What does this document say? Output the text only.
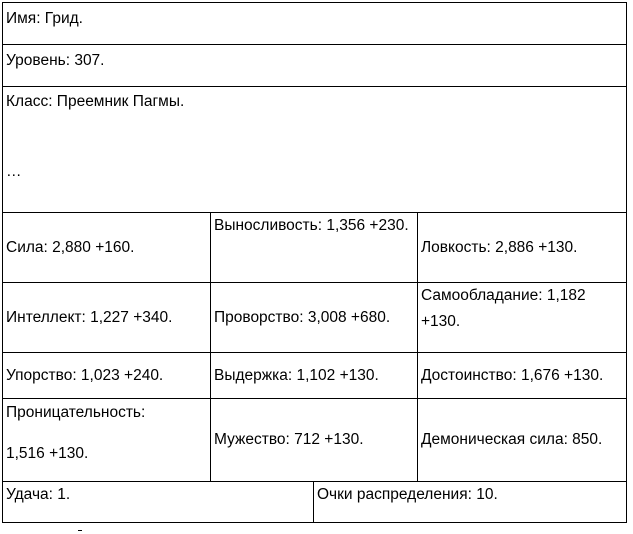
Имя: Грид.			

Уровень: 307.			

Класс: Преемник Пагмы.
…			

Сила: 2,880 +160.	Выносливость: 1,356 +230.		Ловкость: 2,886 +130.
Интеллект: 1,227 +340.	Проворство: 3,008 +680.		Самообладание: 1,182 +130.
Упорство: 1,023 +240.	Выдержка: 1,102 +130.		Достоинство: 1,676 +130.

Проницательность:
1,516 +130.	Мужество: 712 +130.		Демоническая сила: 850.
Удача: 1.		Очки распределения: 10.	
